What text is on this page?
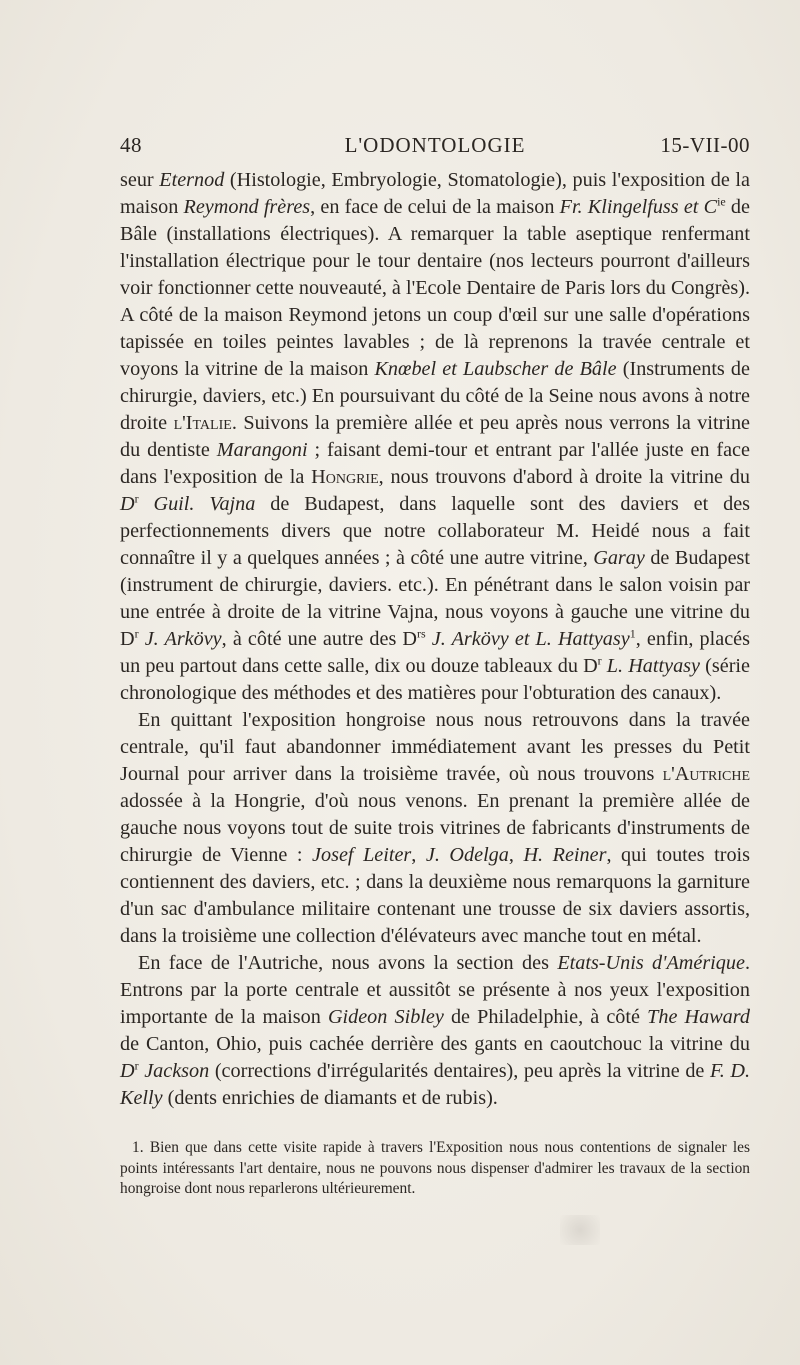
48	L'ODONTOLOGIE	15-VII-00

seur Eternod (Histologie, Embryologie, Stomatologie), puis l'exposition de la maison Reymond frères, en face de celui de la maison Fr. Klingelfuss et $C^{ie}$ de Bâle (installations électriques). A remarquer la table aseptique renfermant l'installation électrique pour le tour dentaire (nos lecteurs pourront d'ailleurs voir fonctionner cette nouveauté, à l'Ecole Dentaire de Paris lors du Congrès). A côté de la maison Reymond jetons un coup d'œil sur une salle d'opérations tapissée en toiles peintes lavables ; de là reprenons la travée centrale et voyons la vitrine de la maison Knœbel et Laubscher de Bâle (Instruments de chirurgie, daviers, etc.) En poursuivant du côté de la Seine nous avons à notre droite l'Italie. Suivons la première allée et peu après nous verrons la vitrine du dentiste Marangoni ; faisant demi-tour et entrant par l'allée juste en face dans l'exposition de la Hongrie, nous trouvons d'abord à droite la vitrine du $D^r$ Guil. Vajna de Budapest, dans laquelle sont des daviers et des perfectionnements divers que notre collaborateur M. Heidé nous a fait connaître il y a quelques années ; à côté une autre vitrine, Garay de Budapest (instrument de chirurgie, daviers. etc.). En pénétrant dans le salon voisin par une entrée à droite de la vitrine Vajna, nous voyons à gauche une vitrine du $D^r$ J. Arkövy, à côté une autre des $D^{rs}$ J. Arkövy et L. Hattyasy$^1$, enfin, placés un peu partout dans cette salle, dix ou douze tableaux du $D^r$ L. Hattyasy (série chronologique des méthodes et des matières pour l'obturation des canaux).

En quittant l'exposition hongroise nous nous retrouvons dans la travée centrale, qu'il faut abandonner immédiatement avant les presses du Petit Journal pour arriver dans la troisième travée, où nous trouvons l'Autriche adossée à la Hongrie, d'où nous venons. En prenant la première allée de gauche nous voyons tout de suite trois vitrines de fabricants d'instruments de chirurgie de Vienne : Josef Leiter, J. Odelga, H. Reiner, qui toutes trois contiennent des daviers, etc. ; dans la deuxième nous remarquons la garniture d'un sac d'ambulance militaire contenant une trousse de six daviers assortis, dans la troisième une collection d'élévateurs avec manche tout en métal.

En face de l'Autriche, nous avons la section des Etats-Unis d'Amérique. Entrons par la porte centrale et aussitôt se présente à nos yeux l'exposition importante de la maison Gideon Sibley de Philadelphie, à côté The Haward de Canton, Ohio, puis cachée derrière des gants en caoutchouc la vitrine du $D^r$ Jackson (corrections d'irrégularités dentaires), peu après la vitrine de F. D. Kelly (dents enrichies de diamants et de rubis).

1. Bien que dans cette visite rapide à travers l'Exposition nous nous contentions de signaler les points intéressants l'art dentaire, nous ne pouvons nous dispenser d'admirer les travaux de la section hongroise dont nous reparlerons ultérieurement.
